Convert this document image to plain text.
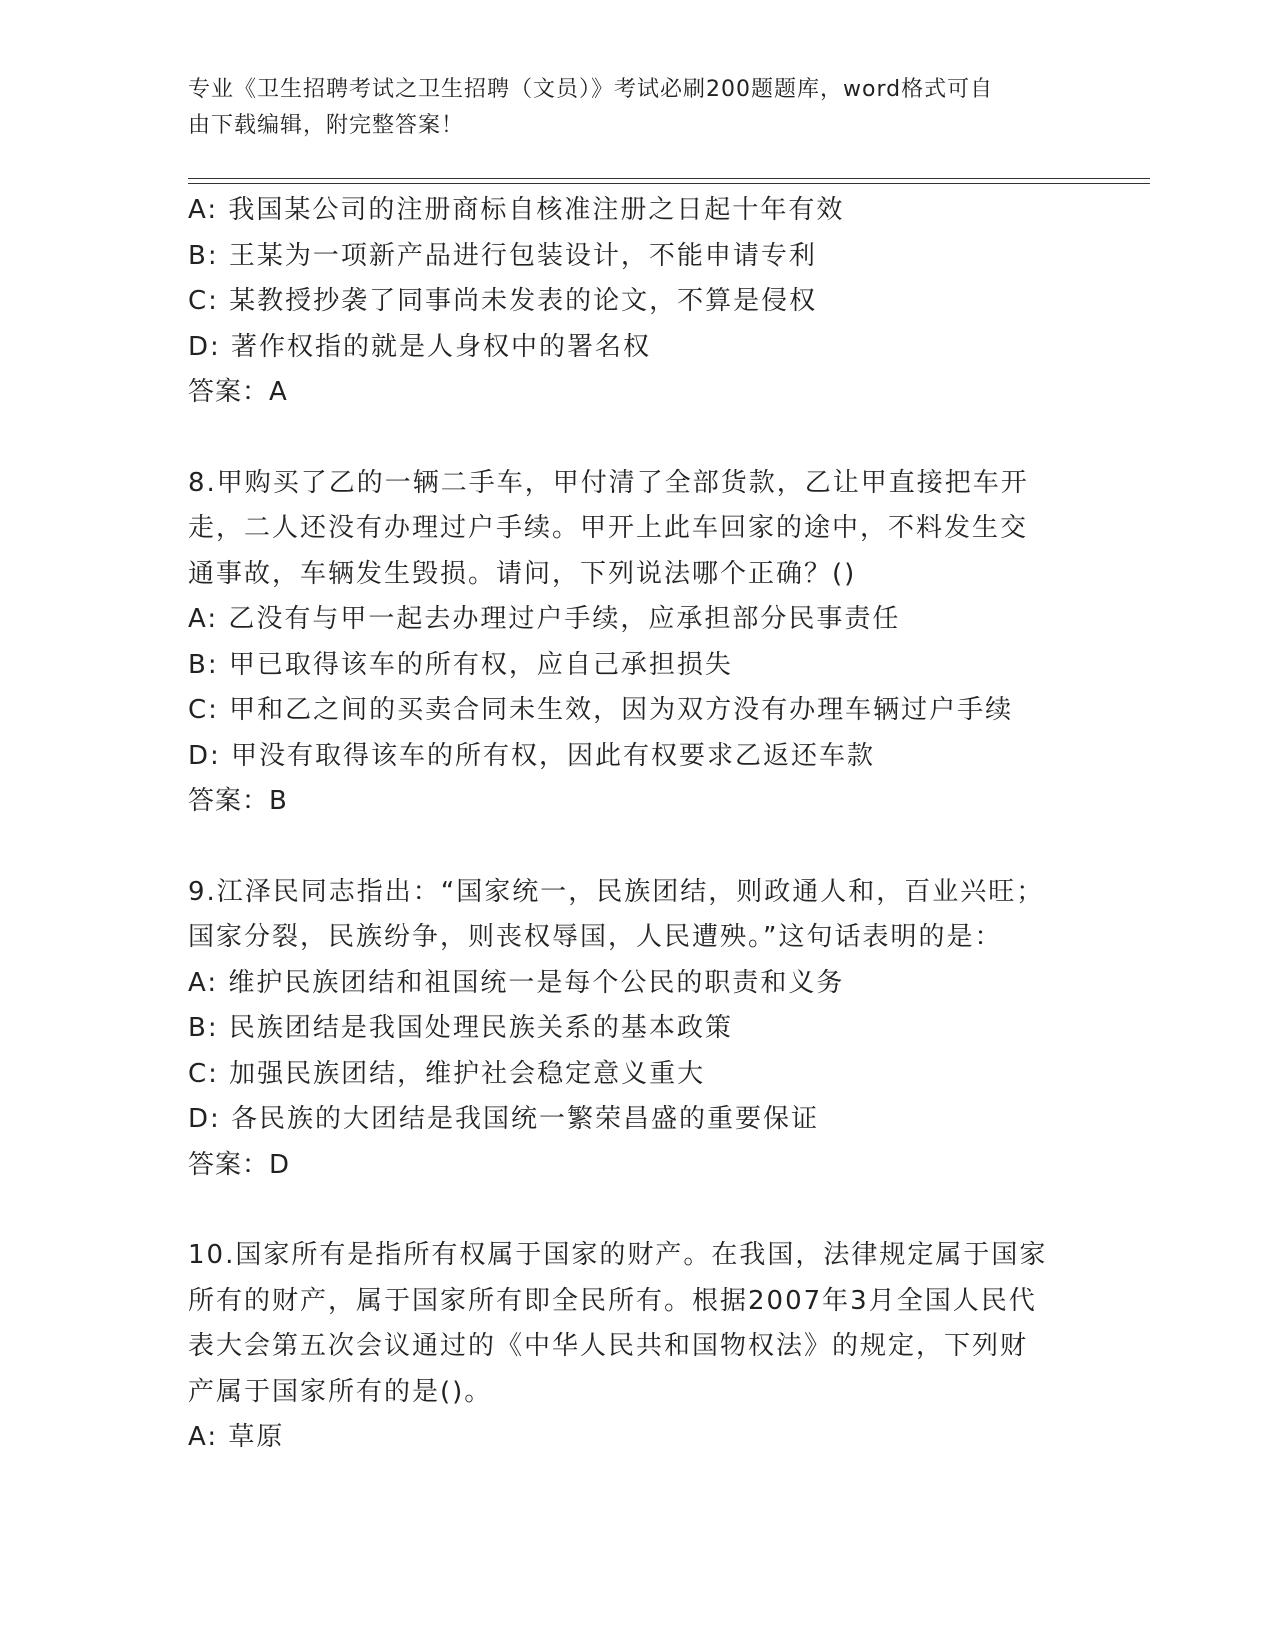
专业《卫生招聘考试之卫生招聘（文员）》考试必刷200题题库，word格式可自
由下载编辑，附完整答案！
A: 我国某公司的注册商标自核准注册之日起十年有效
B: 王某为一项新产品进行包装设计，不能申请专利
C: 某教授抄袭了同事尚未发表的论文，不算是侵权
D: 著作权指的就是人身权中的署名权
答案：A
8.甲购买了乙的一辆二手车，甲付清了全部货款，乙让甲直接把车开
走，二人还没有办理过户手续。甲开上此车回家的途中，不料发生交
通事故，车辆发生毁损。请问，下列说法哪个正确？()
A: 乙没有与甲一起去办理过户手续，应承担部分民事责任
B: 甲已取得该车的所有权，应自己承担损失
C: 甲和乙之间的买卖合同未生效，因为双方没有办理车辆过户手续
D: 甲没有取得该车的所有权，因此有权要求乙返还车款
答案：B
9.江泽民同志指出：“国家统一，民族团结，则政通人和，百业兴旺；
国家分裂，民族纷争，则丧权辱国，人民遭殃。”这句话表明的是：
A: 维护民族团结和祖国统一是每个公民的职责和义务
B: 民族团结是我国处理民族关系的基本政策
C: 加强民族团结，维护社会稳定意义重大
D: 各民族的大团结是我国统一繁荣昌盛的重要保证
答案：D
10.国家所有是指所有权属于国家的财产。在我国，法律规定属于国家
所有的财产，属于国家所有即全民所有。根据2007年3月全国人民代
表大会第五次会议通过的《中华人民共和国物权法》的规定，下列财
产属于国家所有的是()。
A: 草原
